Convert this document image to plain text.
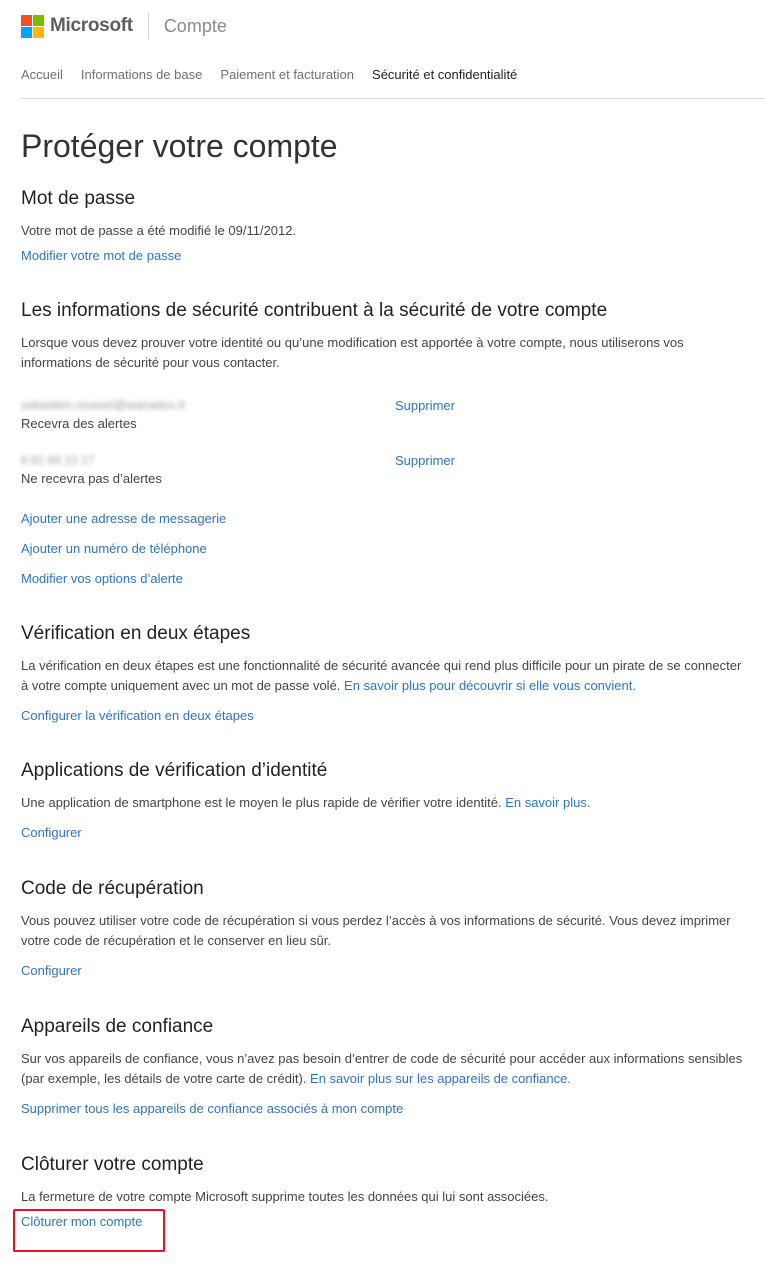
Microsoft Compte
Accueil Informations de base Paiement et facturation Sécurité et confidentialité
Protéger votre compte
Mot de passe

Votre mot de passe a été modifié le 09/11/2012.

Modifier votre mot de passe
Les informations de sécurité contribuent à la sécurité de votre compte

Lorsque vous devez prouver votre identité ou qu’une modification est apportée à votre compte, nous utiliserons vos informations de sécurité pour vous contacter.

sebastien.roussel@wanadoo.fr
Recevra des alertes
Supprimer
6 61 64 13 17
Ne recevra pas d’alertes
Supprimer
Ajouter une adresse de messagerie
Ajouter un numéro de téléphone
Modifier vos options d’alerte
Vérification en deux étapes

La vérification en deux étapes est une fonctionnalité de sécurité avancée qui rend plus difficile pour un pirate de se connecter à votre compte uniquement avec un mot de passe volé. En savoir plus pour découvrir si elle vous convient.

Configurer la vérification en deux étapes
Applications de vérification d’identité

Une application de smartphone est le moyen le plus rapide de vérifier votre identité. En savoir plus.

Configurer
Code de récupération

Vous pouvez utiliser votre code de récupération si vous perdez l’accès à vos informations de sécurité. Vous devez imprimer votre code de récupération et le conserver en lieu sûr.

Configurer
Appareils de confiance

Sur vos appareils de confiance, vous n’avez pas besoin d’entrer de code de sécurité pour accéder aux informations sensibles (par exemple, les détails de votre carte de crédit). En savoir plus sur les appareils de confiance.

Supprimer tous les appareils de confiance associés à mon compte
Clôturer votre compte

La fermeture de votre compte Microsoft supprime toutes les données qui lui sont associées.

Clôturer mon compte
